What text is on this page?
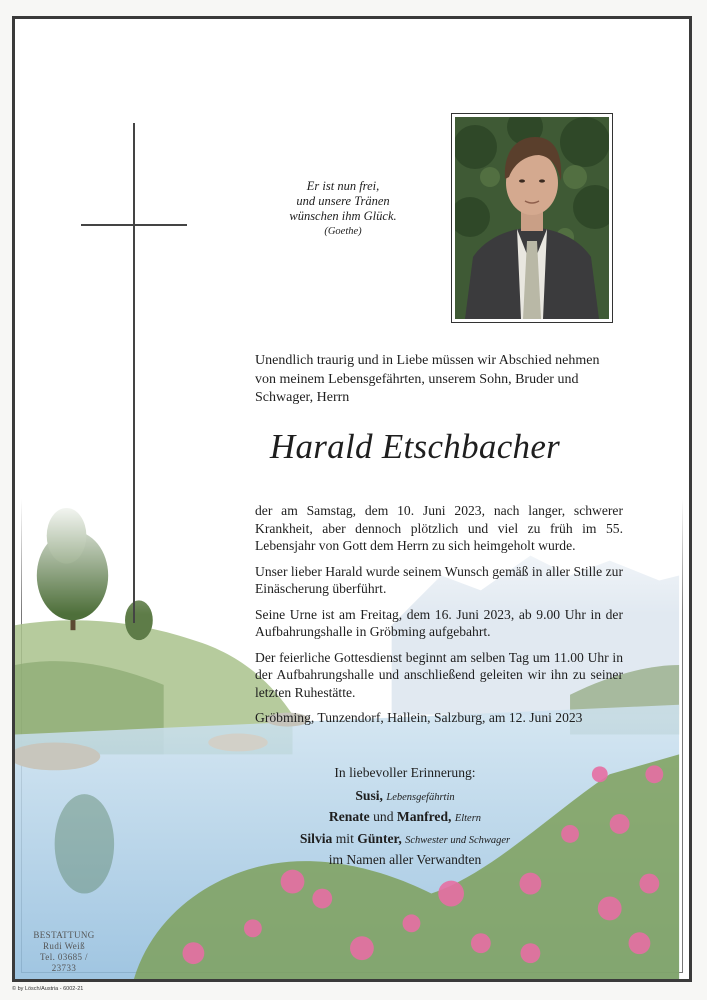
Er ist nun frei,
und unsere Tränen
wünschen ihm Glück.
(Goethe)
Unendlich traurig und in Liebe müssen wir Abschied nehmen von meinem Lebensgefährten, unserem Sohn, Bruder und Schwager, Herrn
Harald Etschbacher

der am Samstag, dem 10. Juni 2023, nach langer, schwerer Krankheit, aber dennoch plötzlich und viel zu früh im 55. Lebensjahr von Gott dem Herrn zu sich heimgeholt wurde.

Unser lieber Harald wurde seinem Wunsch gemäß in aller Stille zur Einäscherung überführt.

Seine Urne ist am Freitag, dem 16. Juni 2023, ab 9.00 Uhr in der Aufbahrungshalle in Gröbming aufgebahrt.

Der feierliche Gottesdienst beginnt am selben Tag um 11.00 Uhr in der Aufbahrungshalle und anschließend geleiten wir ihn zu seiner letzten Ruhestätte.

Gröbming, Tunzendorf, Hallein, Salzburg, am 12. Juni 2023

In liebevoller Erinnerung:
Susi, Lebensgefährtin
Renate und Manfred, Eltern
Silvia mit Günter, Schwester und Schwager
im Namen aller Verwandten
BESTATTUNG
Rudi Weiß
Tel. 03685 / 23733
© by Lösch/Austria - 6002-21
